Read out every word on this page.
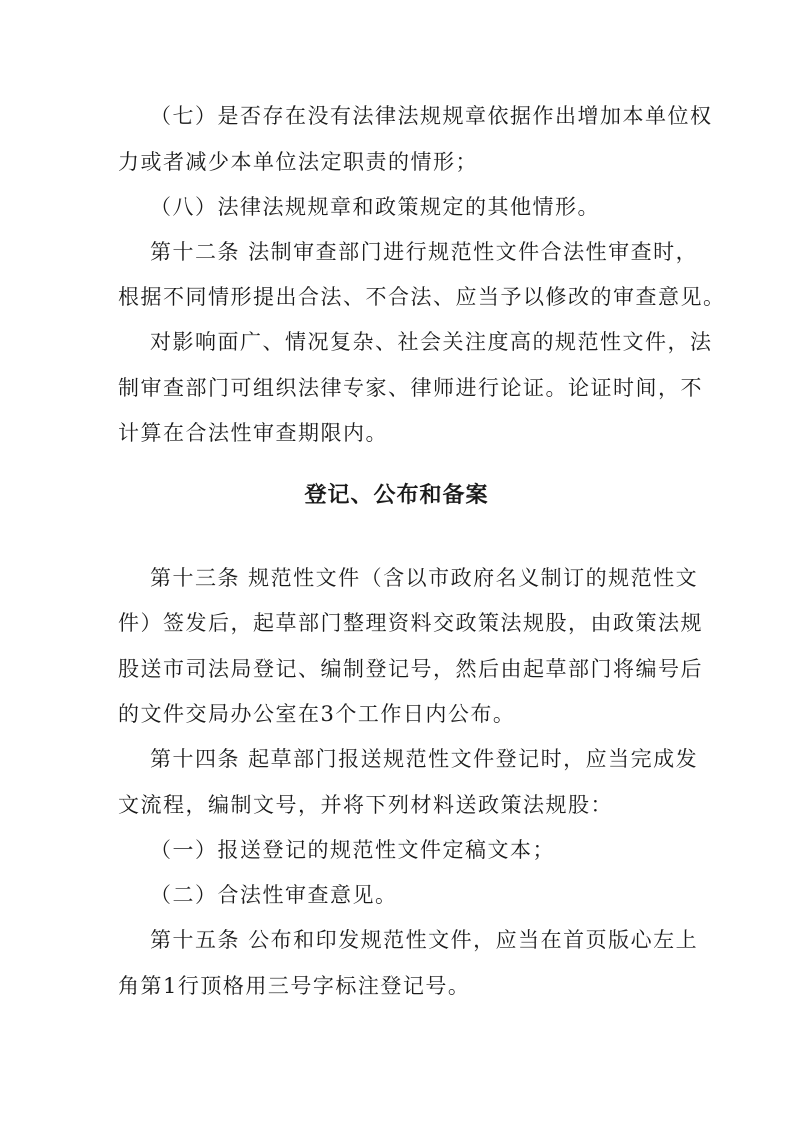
（七）是否存在没有法律法规规章依据作出增加本单位权
力或者减少本单位法定职责的情形；
（八）法律法规规章和政策规定的其他情形。
第十二条 法制审查部门进行规范性文件合法性审查时，
根据不同情形提出合法、不合法、应当予以修改的审查意见。
对影响面广、情况复杂、社会关注度高的规范性文件，法
制审查部门可组织法律专家、律师进行论证。论证时间，不
计算在合法性审查期限内。
登记、公布和备案
第十三条 规范性文件（含以市政府名义制订的规范性文
件）签发后，起草部门整理资料交政策法规股，由政策法规
股送市司法局登记、编制登记号，然后由起草部门将编号后
的文件交局办公室在3个工作日内公布。
第十四条 起草部门报送规范性文件登记时，应当完成发
文流程，编制文号，并将下列材料送政策法规股：
（一）报送登记的规范性文件定稿文本；
（二）合法性审查意见。
第十五条 公布和印发规范性文件，应当在首页版心左上
角第1行顶格用三号字标注登记号。
